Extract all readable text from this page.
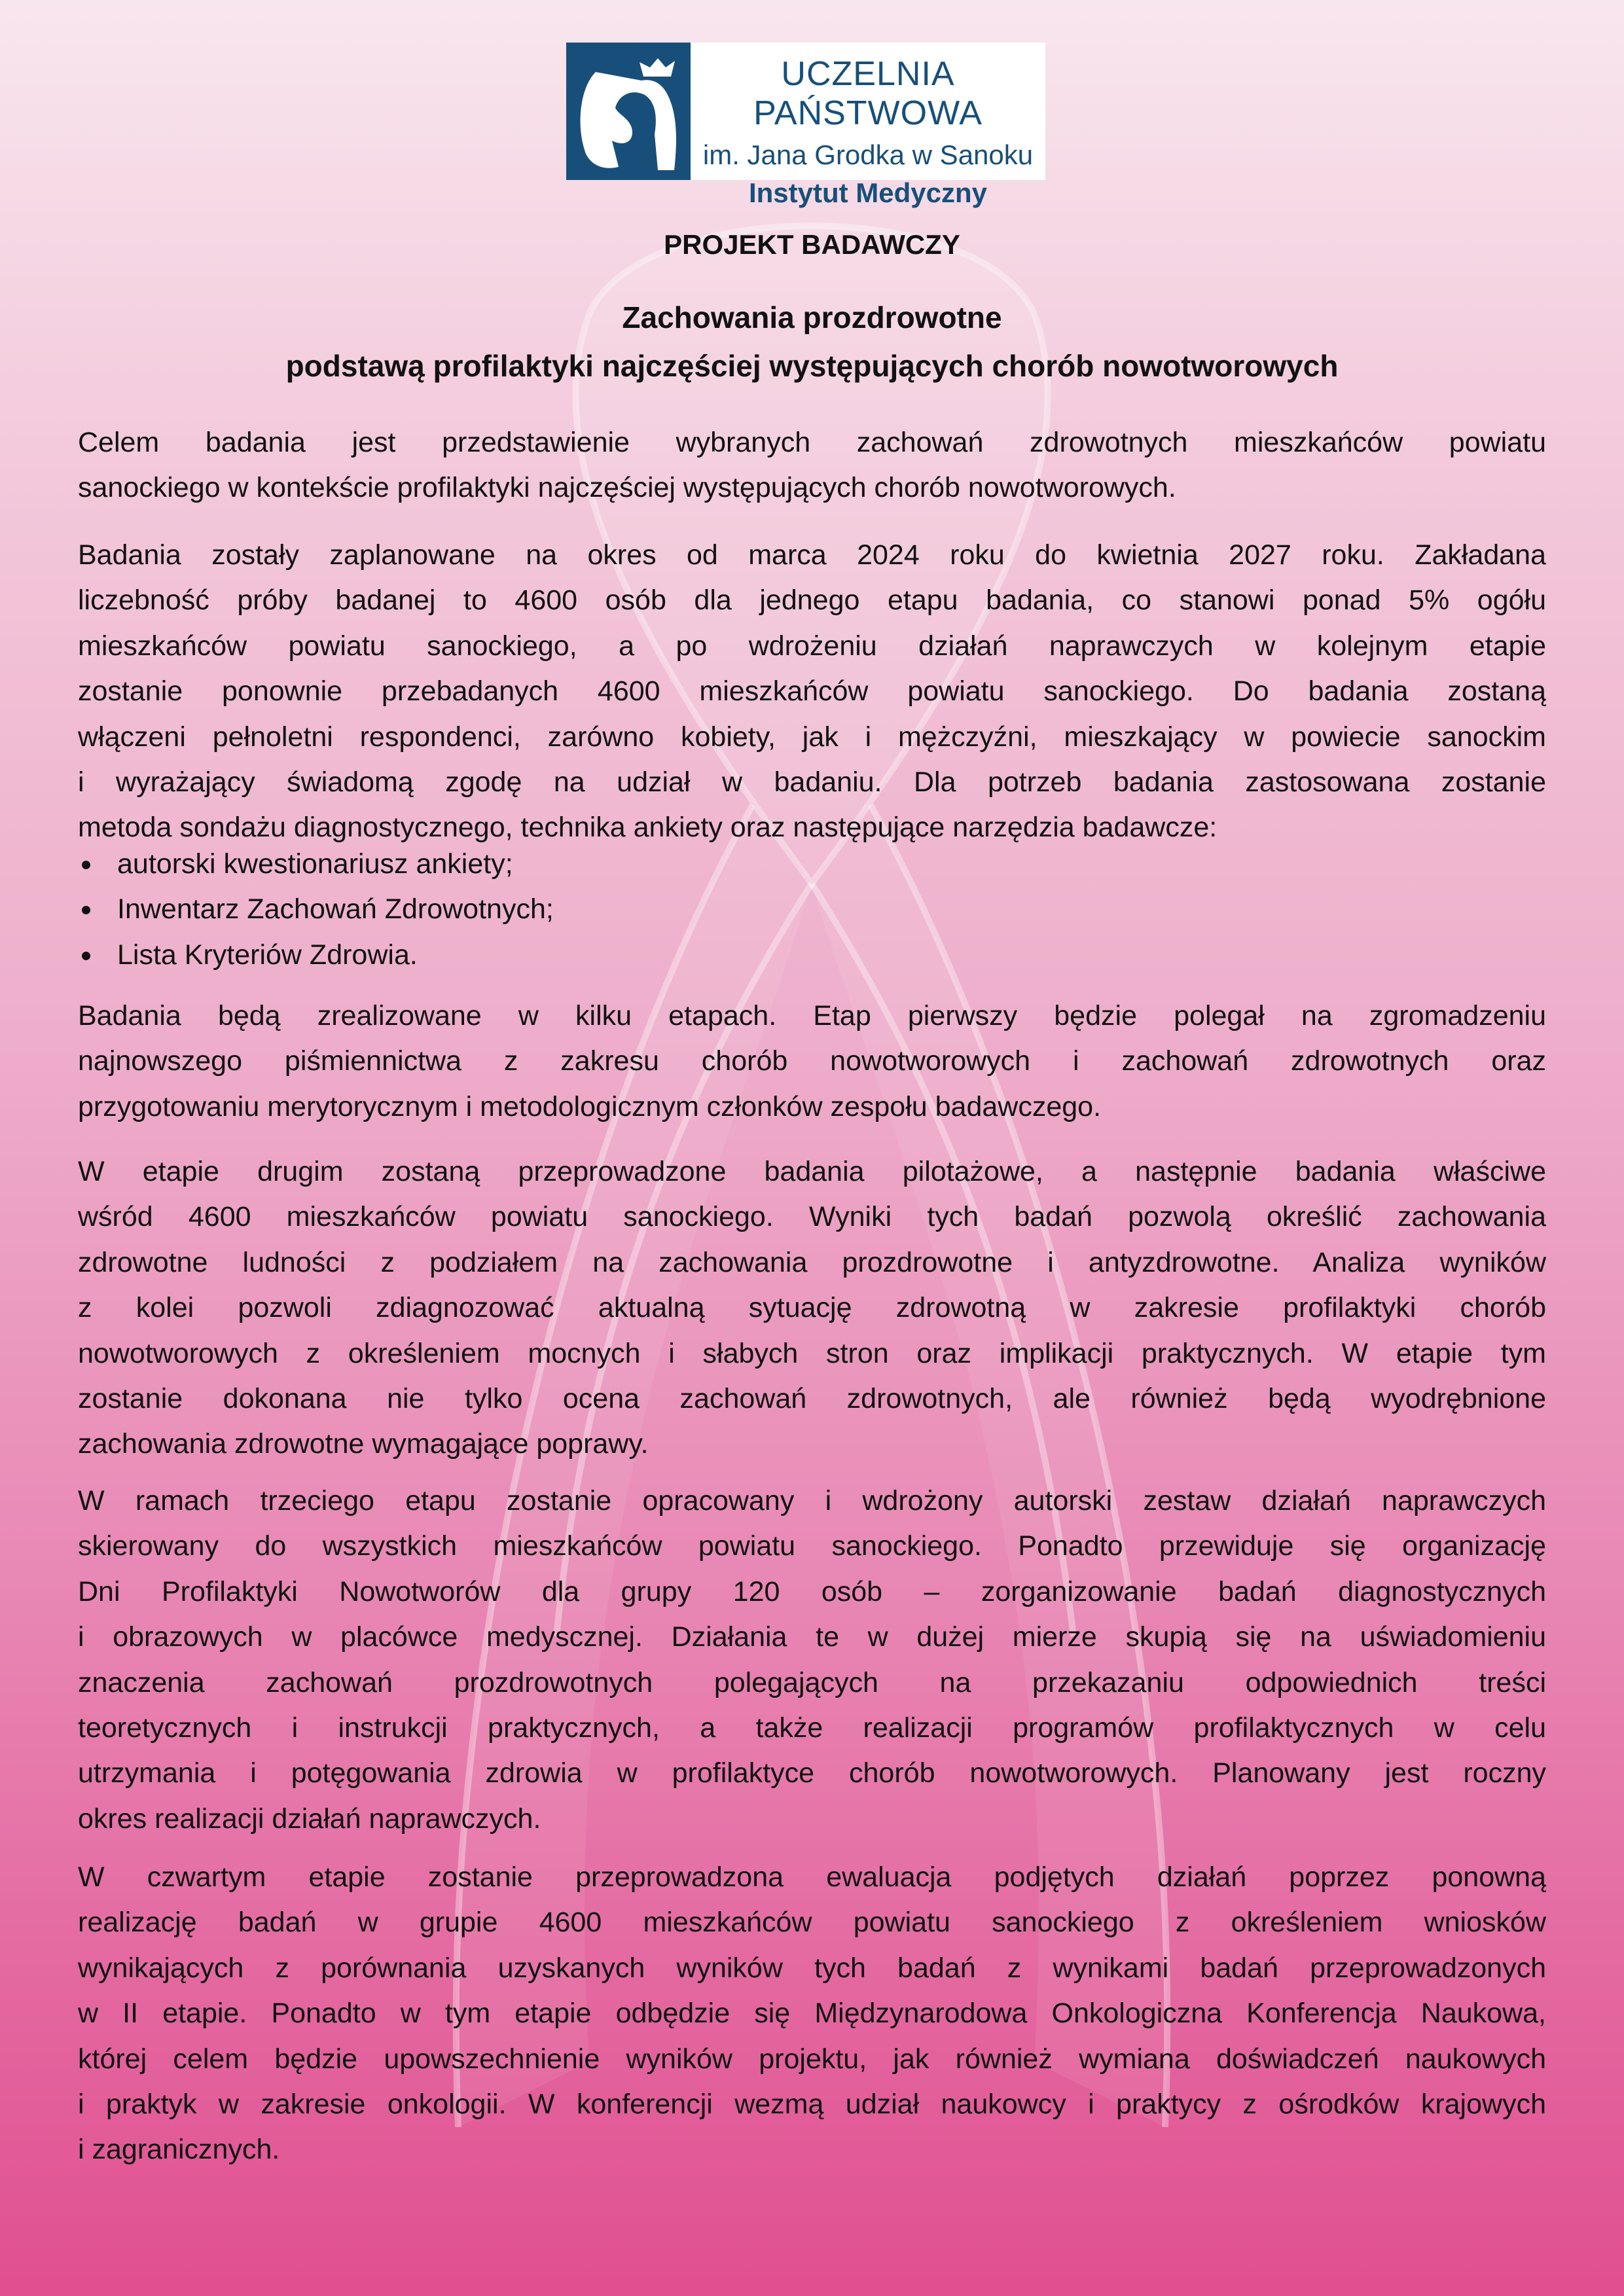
UCZELNIA PAŃSTWOWA
im. Jana Grodka w Sanoku
Instytut Medyczny
PROJEKT BADAWCZY
Zachowania prozdrowotne
podstawą profilaktyki najczęściej występujących chorób nowotworowych
Celem badania jest przedstawienie wybranych zachowań zdrowotnych mieszkańców powiatu
sanockiego w kontekście profilaktyki najczęściej występujących chorób nowotworowych.
Badania zostały zaplanowane na okres od marca 2024 roku do kwietnia 2027 roku. Zakładana
liczebność próby badanej to 4600 osób dla jednego etapu badania, co stanowi ponad 5% ogółu
mieszkańców powiatu sanockiego, a po wdrożeniu działań naprawczych w kolejnym etapie
zostanie ponownie przebadanych 4600 mieszkańców powiatu sanockiego. Do badania zostaną
włączeni pełnoletni respondenci, zarówno kobiety, jak i mężczyźni, mieszkający w powiecie sanockim
i wyrażający świadomą zgodę na udział w badaniu. Dla potrzeb badania zastosowana zostanie
metoda sondażu diagnostycznego, technika ankiety oraz następujące narzędzia badawcze:
autorski kwestionariusz ankiety;
Inwentarz Zachowań Zdrowotnych;
Lista Kryteriów Zdrowia.
Badania będą zrealizowane w kilku etapach. Etap pierwszy będzie polegał na zgromadzeniu
najnowszego piśmiennictwa z zakresu chorób nowotworowych i zachowań zdrowotnych oraz
przygotowaniu merytorycznym i metodologicznym członków zespołu badawczego.
W etapie drugim zostaną przeprowadzone badania pilotażowe, a następnie badania właściwe
wśród 4600 mieszkańców powiatu sanockiego. Wyniki tych badań pozwolą określić zachowania
zdrowotne ludności z podziałem na zachowania prozdrowotne i antyzdrowotne. Analiza wyników
z kolei pozwoli zdiagnozować aktualną sytuację zdrowotną w zakresie profilaktyki chorób
nowotworowych z określeniem mocnych i słabych stron oraz implikacji praktycznych. W etapie tym
zostanie dokonana nie tylko ocena zachowań zdrowotnych, ale również będą wyodrębnione
zachowania zdrowotne wymagające poprawy.
W ramach trzeciego etapu zostanie opracowany i wdrożony autorski zestaw działań naprawczych
skierowany do wszystkich mieszkańców powiatu sanockiego. Ponadto przewiduje się organizację
Dni Profilaktyki Nowotworów dla grupy 120 osób – zorganizowanie badań diagnostycznych
i obrazowych w placówce medyscznej. Działania te w dużej mierze skupią się na uświadomieniu
znaczenia zachowań prozdrowotnych polegających na przekazaniu odpowiednich treści
teoretycznych i instrukcji praktycznych, a także realizacji programów profilaktycznych w celu
utrzymania i potęgowania zdrowia w profilaktyce chorób nowotworowych. Planowany jest roczny
okres realizacji działań naprawczych.
W czwartym etapie zostanie przeprowadzona ewaluacja podjętych działań poprzez ponowną
realizację badań w grupie 4600 mieszkańców powiatu sanockiego z określeniem wniosków
wynikających z porównania uzyskanych wyników tych badań z wynikami badań przeprowadzonych
w II etapie. Ponadto w tym etapie odbędzie się Międzynarodowa Onkologiczna Konferencja Naukowa,
której celem będzie upowszechnienie wyników projektu, jak również wymiana doświadczeń naukowych
i praktyk w zakresie onkologii. W konferencji wezmą udział naukowcy i praktycy z ośrodków krajowych
i zagranicznych.
